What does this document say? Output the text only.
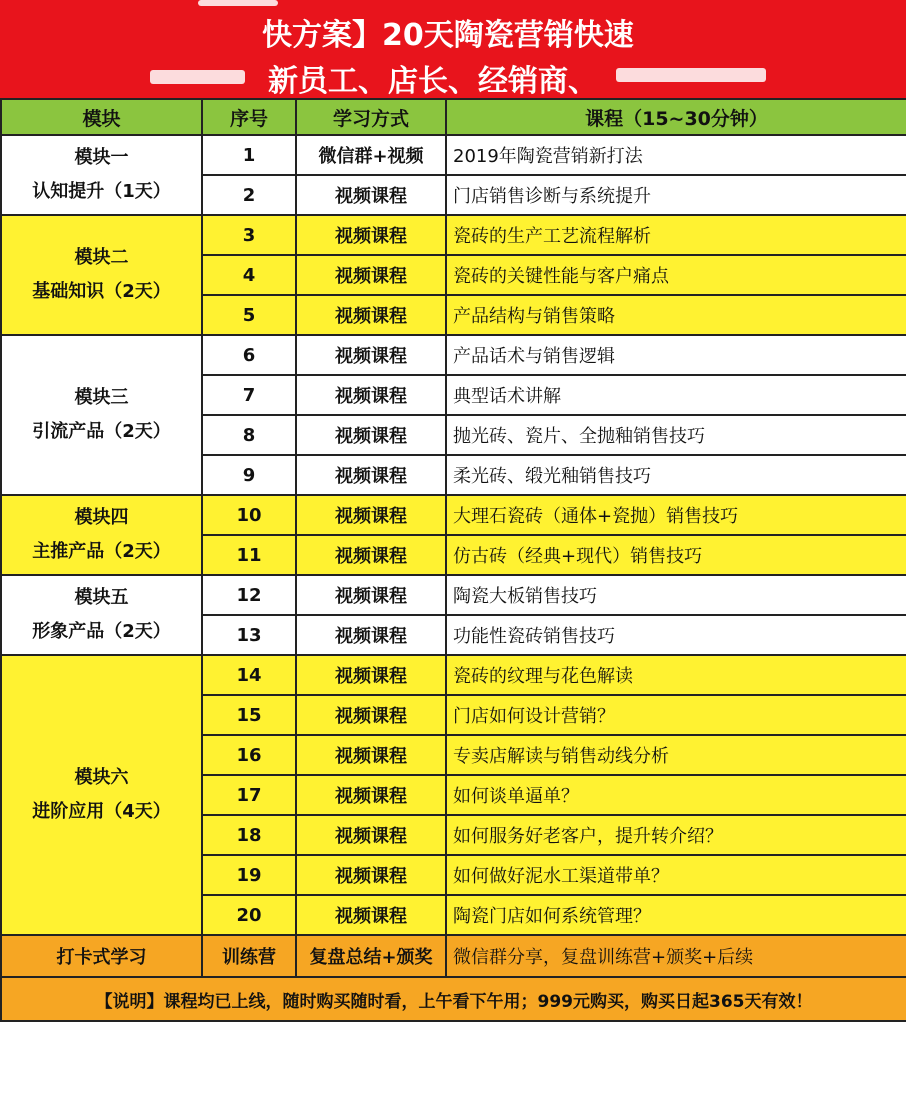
快方案】20天陶瓷营销快速
新员工、店长、经销商、
模块	序号	学习方式	课程（15~30分钟）

模块一
认知提升（1天）	1	微信群+视频	2019年陶瓷营销新打法
	2	视频课程	门店销售诊断与系统提升

模块二
基础知识（2天）	3	视频课程	瓷砖的生产工艺流程解析
	4	视频课程	瓷砖的关键性能与客户痛点
	5	视频课程	产品结构与销售策略

模块三
引流产品（2天）	6	视频课程	产品话术与销售逻辑
	7	视频课程	典型话术讲解
	8	视频课程	抛光砖、瓷片、全抛釉销售技巧
	9	视频课程	柔光砖、缎光釉销售技巧

模块四
主推产品（2天）	10	视频课程	大理石瓷砖（通体+瓷抛）销售技巧
	11	视频课程	仿古砖（经典+现代）销售技巧

模块五
形象产品（2天）	12	视频课程	陶瓷大板销售技巧
	13	视频课程	功能性瓷砖销售技巧

模块六
进阶应用（4天）	14	视频课程	瓷砖的纹理与花色解读
	15	视频课程	门店如何设计营销？
	16	视频课程	专卖店解读与销售动线分析
	17	视频课程	如何谈单逼单？
	18	视频课程	如何服务好老客户，提升转介绍？
	19	视频课程	如何做好泥水工渠道带单？
	20	视频课程	陶瓷门店如何系统管理？
打卡式学习	训练营	复盘总结+颁奖	微信群分享，复盘训练营+颁奖+后续
【说明】课程均已上线，随时购买随时看，上午看下午用；999元购买，购买日起365天有效！			
